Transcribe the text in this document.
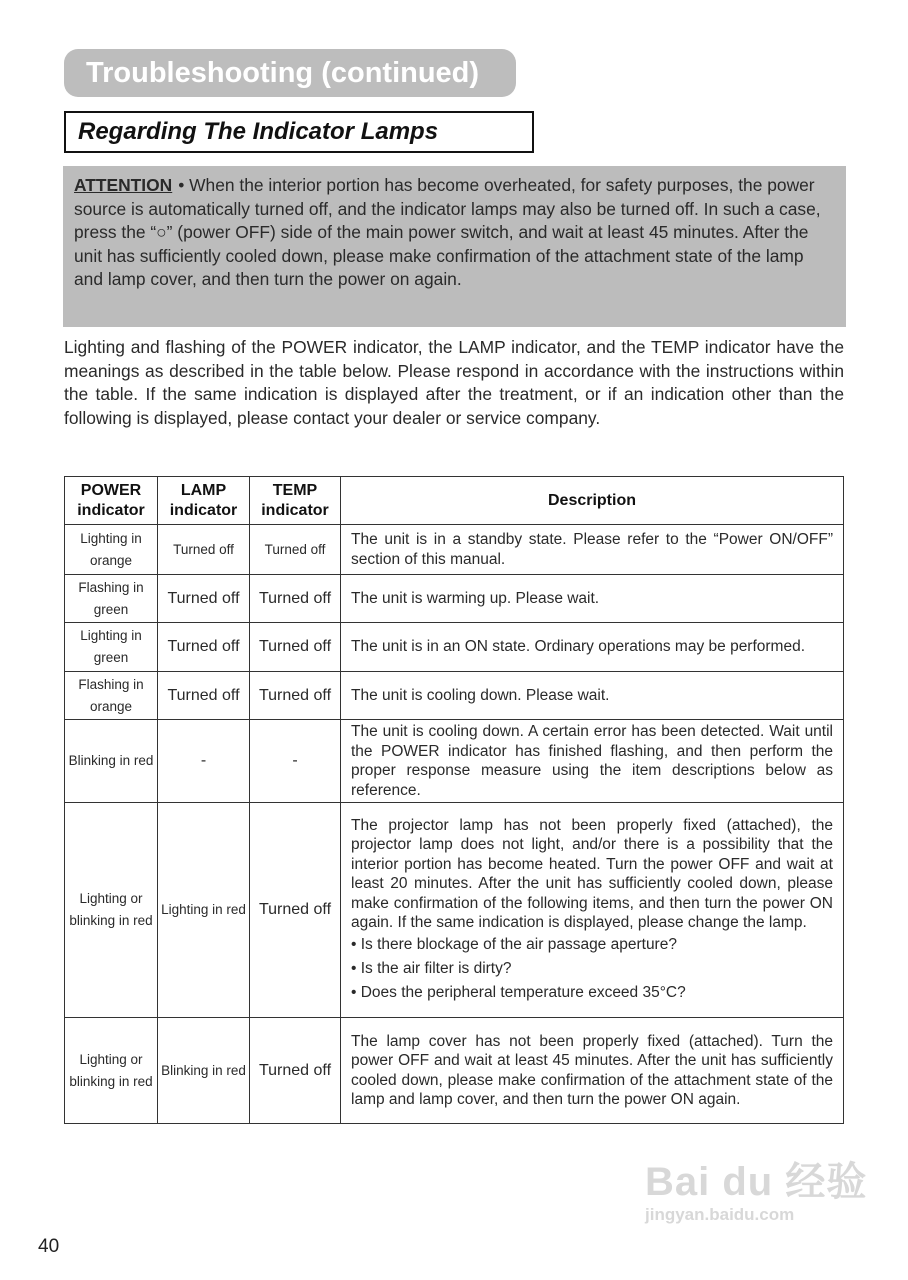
Troubleshooting (continued)
Regarding The Indicator Lamps
ATTENTION • When the interior portion has become overheated, for safety purposes, the power source is automatically turned off, and the indicator lamps may also be turned off. In such a case, press the “○” (power OFF) side of the main power switch, and wait at least 45 minutes. After the unit has sufficiently cooled down, please make confirmation of the attachment state of the lamp and lamp cover, and then turn the power on again.
Lighting and flashing of the POWER indicator, the LAMP indicator, and the TEMP indicator have the meanings as described in the table below. Please respond in accordance with the instructions within the table. If the same indication is displayed after the treatment, or if an indication other than the following is displayed, please contact your dealer or service company.
POWER indicator	LAMP indicator	TEMP indicator	Description
Lighting in orange	Turned off	Turned off	The unit is in a standby state. Please refer to the “Power ON/OFF” section of this manual.
Flashing in green	Turned off	Turned off	The unit is warming up. Please wait.
Lighting in green	Turned off	Turned off	The unit is in an ON state. Ordinary operations may be performed.
Flashing in orange	Turned off	Turned off	The unit is cooling down. Please wait.
Blinking in red	-	-	The unit is cooling down. A certain error has been detected. Wait until the POWER indicator has finished flashing, and then perform the proper response measure using the item descriptions below as reference.
Lighting or blinking in red	Lighting in red	Turned off	The projector lamp has not been properly fixed (attached), the projector lamp does not light, and/or there is a possibility that the interior portion has become heated. Turn the power OFF and wait at least 20 minutes. After the unit has sufficiently cooled down, please make confirmation of the following items, and then turn the power ON again. If the same indication is displayed, please change the lamp.
• Is there blockage of the air passage aperture?
• Is the air filter is dirty?
• Does the peripheral temperature exceed 35°C?

Lighting or blinking in red	Blinking in red	Turned off	The lamp cover has not been properly fixed (attached). Turn the power OFF and wait at least 45 minutes. After the unit has sufficiently cooled down, please make confirmation of the attachment state of the lamp and lamp cover, and then turn the power ON again.
Bai du 经验
jingyan.baidu.com
40
